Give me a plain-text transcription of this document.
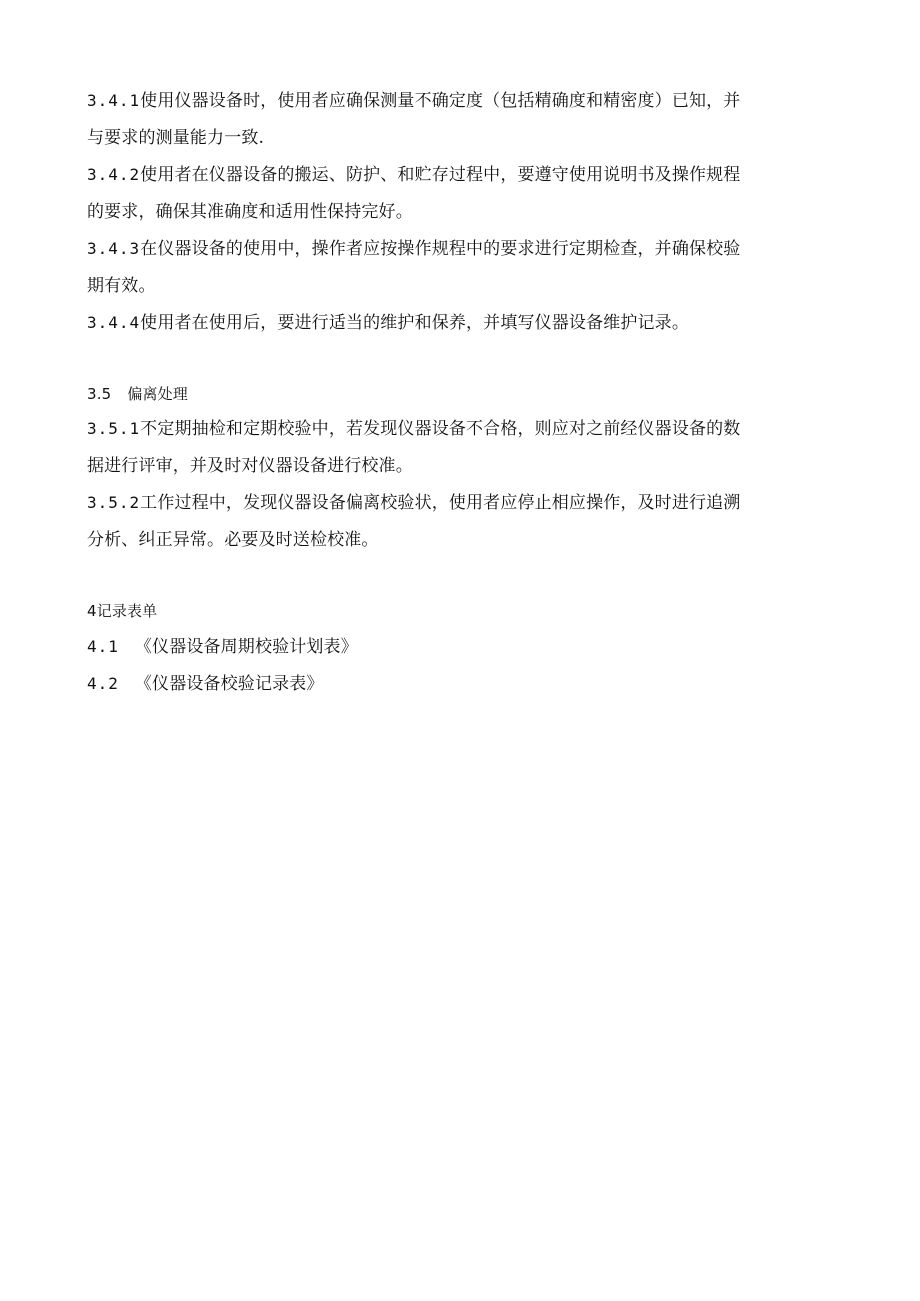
3.4.1使用仪器设备时，使用者应确保测量不确定度（包括精确度和精密度）已知，并
与要求的测量能力一致.
3.4.2使用者在仪器设备的搬运、防护、和贮存过程中，要遵守使用说明书及操作规程
的要求，确保其准确度和适用性保持完好。
3.4.3在仪器设备的使用中，操作者应按操作规程中的要求进行定期检查，并确保校验
期有效。
3.4.4使用者在使用后，要进行适当的维护和保养，并填写仪器设备维护记录。
3.5 偏离处理
3.5.1不定期抽检和定期校验中，若发现仪器设备不合格，则应对之前经仪器设备的数
据进行评审，并及时对仪器设备进行校准。
3.5.2工作过程中，发现仪器设备偏离校验状，使用者应停止相应操作，及时进行追溯
分析、纠正异常。必要及时送检校准。
4记录表单
4.1 《仪器设备周期校验计划表》
4.2 《仪器设备校验记录表》
